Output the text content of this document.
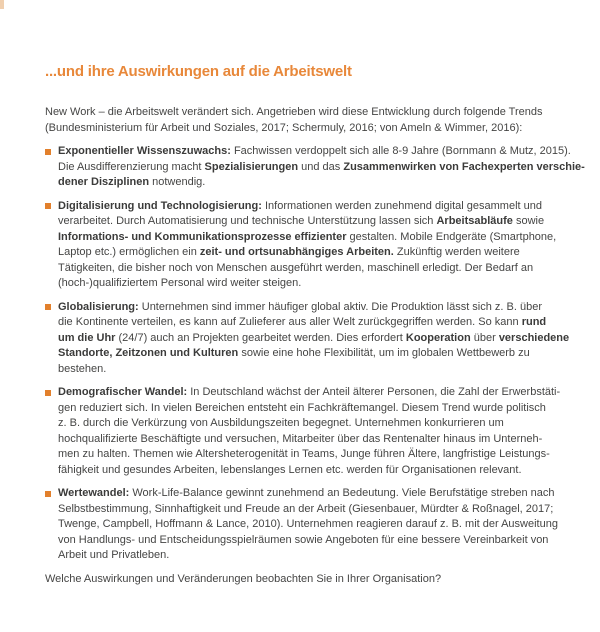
...und ihre Auswirkungen auf die Arbeitswelt

New Work – die Arbeitswelt verändert sich. Angetrieben wird diese Entwicklung durch folgende Trends
(Bundesministerium für Arbeit und Soziales, 2017; Schermuly, 2016; von Ameln & Wimmer, 2016):

Exponentieller Wissenszuwachs: Fachwissen verdoppelt sich alle 8-9 Jahre (Bornmann & Mutz, 2015).
Die Ausdifferenzierung macht Spezialisierungen und das Zusammenwirken von Fachexperten verschie-
dener Disziplinen notwendig.

Digitalisierung und Technologisierung: Informationen werden zunehmend digital gesammelt und
verarbeitet. Durch Automatisierung und technische Unterstützung lassen sich Arbeitsabläufe sowie
Informations- und Kommunikationsprozesse effizienter gestalten. Mobile Endgeräte (Smartphone,
Laptop etc.) ermöglichen ein zeit- und ortsunabhängiges Arbeiten. Zukünftig werden weitere
Tätigkeiten, die bisher noch von Menschen ausgeführt werden, maschinell erledigt. Der Bedarf an
(hoch-)qualifiziertem Personal wird weiter steigen.

Globalisierung: Unternehmen sind immer häufiger global aktiv. Die Produktion lässt sich z. B. über
die Kontinente verteilen, es kann auf Zulieferer aus aller Welt zurückgegriffen werden. So kann rund
um die Uhr (24/7) auch an Projekten gearbeitet werden. Dies erfordert Kooperation über verschiedene
Standorte, Zeitzonen und Kulturen sowie eine hohe Flexibilität, um im globalen Wettbewerb zu
bestehen.

Demografischer Wandel: In Deutschland wächst der Anteil älterer Personen, die Zahl der Erwerbstäti-
gen reduziert sich. In vielen Bereichen entsteht ein Fachkräftemangel. Diesem Trend wurde politisch
z. B. durch die Verkürzung von Ausbildungszeiten begegnet. Unternehmen konkurrieren um
hochqualifizierte Beschäftigte und versuchen, Mitarbeiter über das Rentenalter hinaus im Unterneh-
men zu halten. Themen wie Altersheterogenität in Teams, Junge führen Ältere, langfristige Leistungs-
fähigkeit und gesundes Arbeiten, lebenslanges Lernen etc. werden für Organisationen relevant.

Wertewandel: Work-Life-Balance gewinnt zunehmend an Bedeutung. Viele Berufstätige streben nach
Selbstbestimmung, Sinnhaftigkeit und Freude an der Arbeit (Giesenbauer, Mürdter & Roßnagel, 2017;
Twenge, Campbell, Hoffmann & Lance, 2010). Unternehmen reagieren darauf z. B. mit der Ausweitung
von Handlungs- und Entscheidungsspielräumen sowie Angeboten für eine bessere Vereinbarkeit von
Arbeit und Privatleben.

Welche Auswirkungen und Veränderungen beobachten Sie in Ihrer Organisation?
